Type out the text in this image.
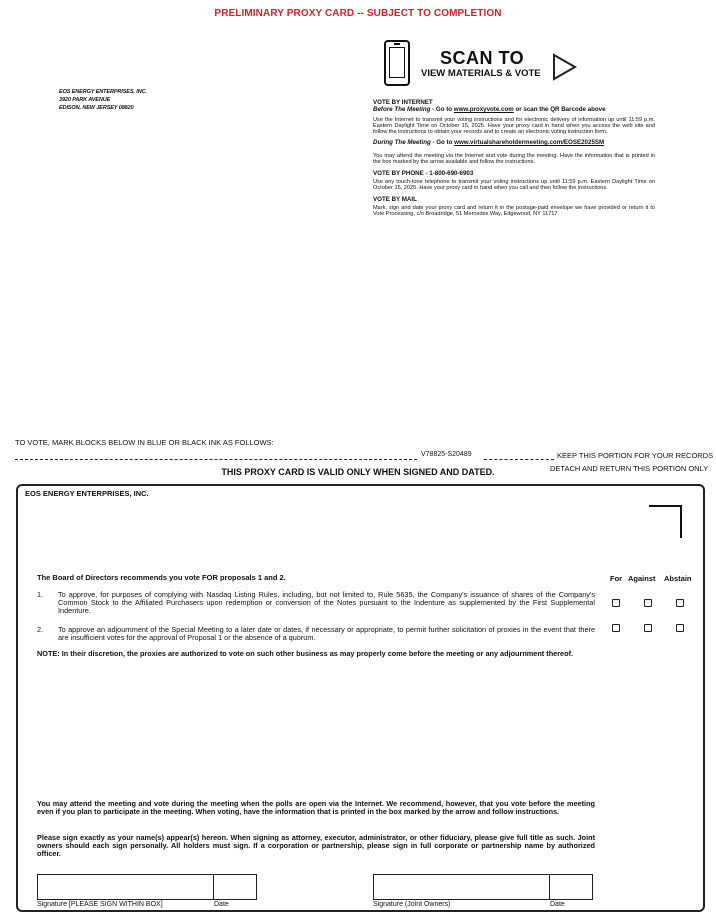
PRELIMINARY PROXY CARD -- SUBJECT TO COMPLETION
EOS ENERGY ENTERPRISES, INC.
3920 PARK AVENUE
EDISON, NEW JERSEY 08820
SCAN TO
VIEW MATERIALS & VOTE
VOTE BY INTERNET
Before The Meeting - Go to www.proxyvote.com or scan the QR Barcode above

Use the Internet to transmit your voting instructions and for electronic delivery of information up until 11:59 p.m. Eastern Daylight Time on October 15, 2025. Have your proxy card in hand when you access the web site and follow the instructions to obtain your records and to create an electronic voting instruction form.

During The Meeting - Go to www.virtualshareholdermeeting.com/EOSE2025SM

You may attend the meeting via the Internet and vote during the meeting. Have the information that is printed in the box marked by the arrow available and follow the instructions.

VOTE BY PHONE - 1-800-690-6903

Use any touch-tone telephone to transmit your voting instructions up until 11:59 p.m. Eastern Daylight Time on October 15, 2025. Have your proxy card in hand when you call and then follow the instructions.

VOTE BY MAIL

Mark, sign and date your proxy card and return it in the postage-paid envelope we have provided or return it to Vote Processing, c/o Broadridge, 51 Mercedes Way, Edgewood, NY 11717.

TO VOTE, MARK BLOCKS BELOW IN BLUE OR BLACK INK AS FOLLOWS:
V78825-S20489	KEEP THIS PORTION FOR YOUR RECORDS
DETACH AND RETURN THIS PORTION ONLY
THIS PROXY CARD IS VALID ONLY WHEN SIGNED AND DATED.
EOS ENERGY ENTERPRISES, INC.
The Board of Directors recommends you vote FOR proposals 1 and 2.	For Against Abstain
1. To approve, for purposes of complying with Nasdaq Listing Rules, including, but not limited to, Rule 5635, the Company's issuance of shares of the Company's Common Stock to the Affiliated Purchasers upon redemption or conversion of the Notes pursuant to the Indenture as supplemented by the First Supplemental Indenture.
2. To approve an adjournment of the Special Meeting to a later date or dates, if necessary or appropriate, to permit further solicitation of proxies in the event that there are insufficient votes for the approval of Proposal 1 or the absence of a quorum.
NOTE: In their discretion, the proxies are authorized to vote on such other business as may properly come before the meeting or any adjournment thereof.
You may attend the meeting and vote during the meeting when the polls are open via the Internet. We recommend, however, that you vote before the meeting even if you plan to participate in the meeting. When voting, have the information that is printed in the box marked by the arrow and follow instructions.
Please sign exactly as your name(s) appear(s) hereon. When signing as attorney, executor, administrator, or other fiduciary, please give full title as such. Joint owners should each sign personally. All holders must sign. If a corporation or partnership, please sign in full corporate or partnership name by authorized officer.
Signature [PLEASE SIGN WITHIN BOX]	Date	Signature (Joint Owners)	Date
